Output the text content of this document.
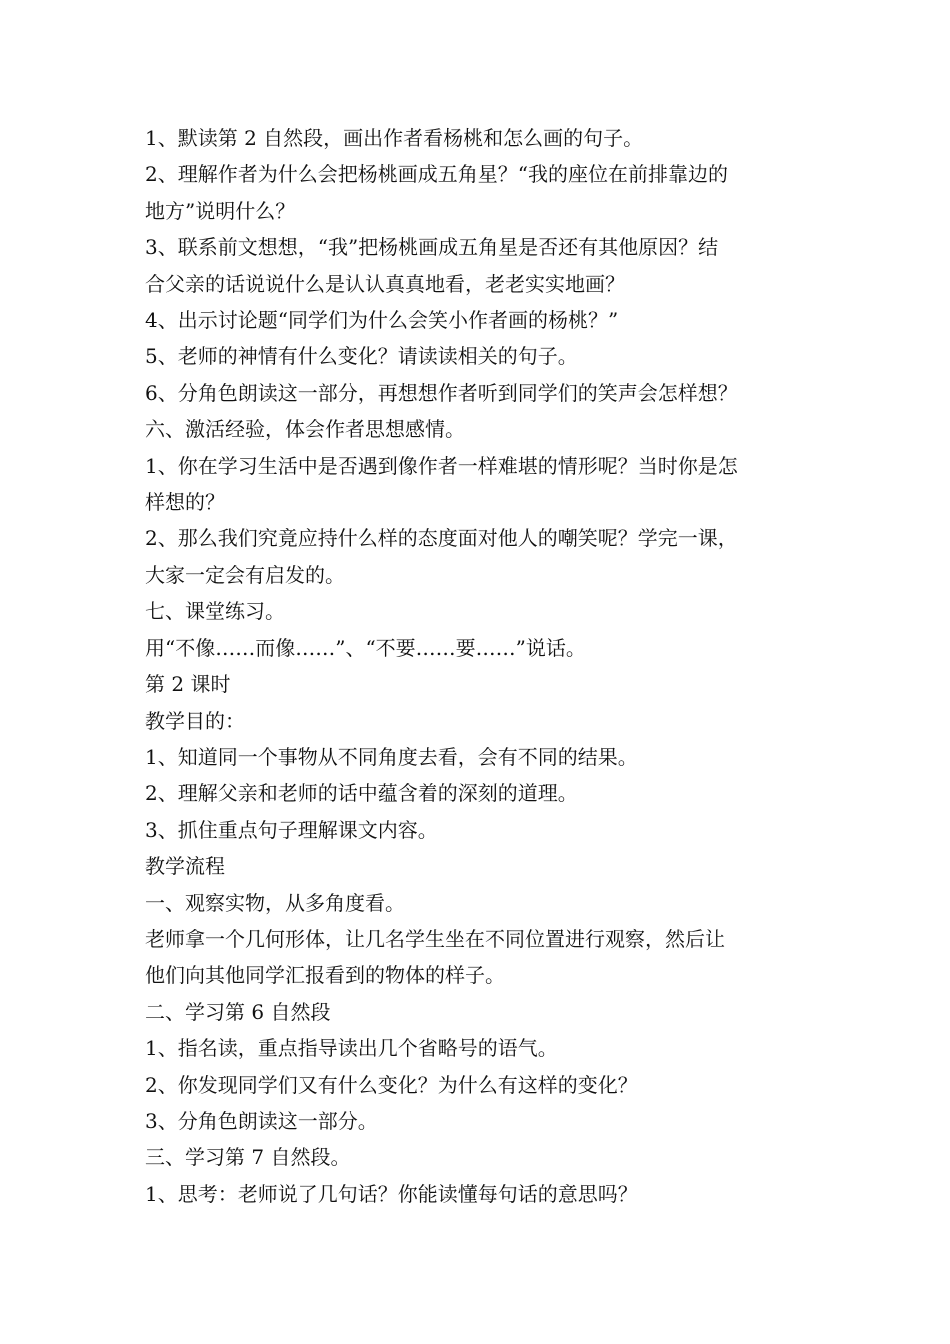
1、默读第 2 自然段，画出作者看杨桃和怎么画的句子。

2、理解作者为什么会把杨桃画成五角星？“我的座位在前排靠边的

地方”说明什么？

3、联系前文想想，“我”把杨桃画成五角星是否还有其他原因？结

合父亲的话说说什么是认认真真地看，老老实实地画？

4、出示讨论题“同学们为什么会笑小作者画的杨桃？”

5、老师的神情有什么变化？请读读相关的句子。

6、分角色朗读这一部分，再想想作者听到同学们的笑声会怎样想？

六、激活经验，体会作者思想感情。

1、你在学习生活中是否遇到像作者一样难堪的情形呢？当时你是怎

样想的？

2、那么我们究竟应持什么样的态度面对他人的嘲笑呢？学完一课，

大家一定会有启发的。

七、课堂练习。

用“不像……而像……”、“不要……要……”说话。

第 2 课时

教学目的：

1、知道同一个事物从不同角度去看，会有不同的结果。

2、理解父亲和老师的话中蕴含着的深刻的道理。

3、抓住重点句子理解课文内容。

教学流程

一、观察实物，从多角度看。

老师拿一个几何形体，让几名学生坐在不同位置进行观察，然后让

他们向其他同学汇报看到的物体的样子。

二、学习第 6 自然段

1、指名读，重点指导读出几个省略号的语气。

2、你发现同学们又有什么变化？为什么有这样的变化？

3、分角色朗读这一部分。

三、学习第 7 自然段。

1、思考：老师说了几句话？你能读懂每句话的意思吗？
